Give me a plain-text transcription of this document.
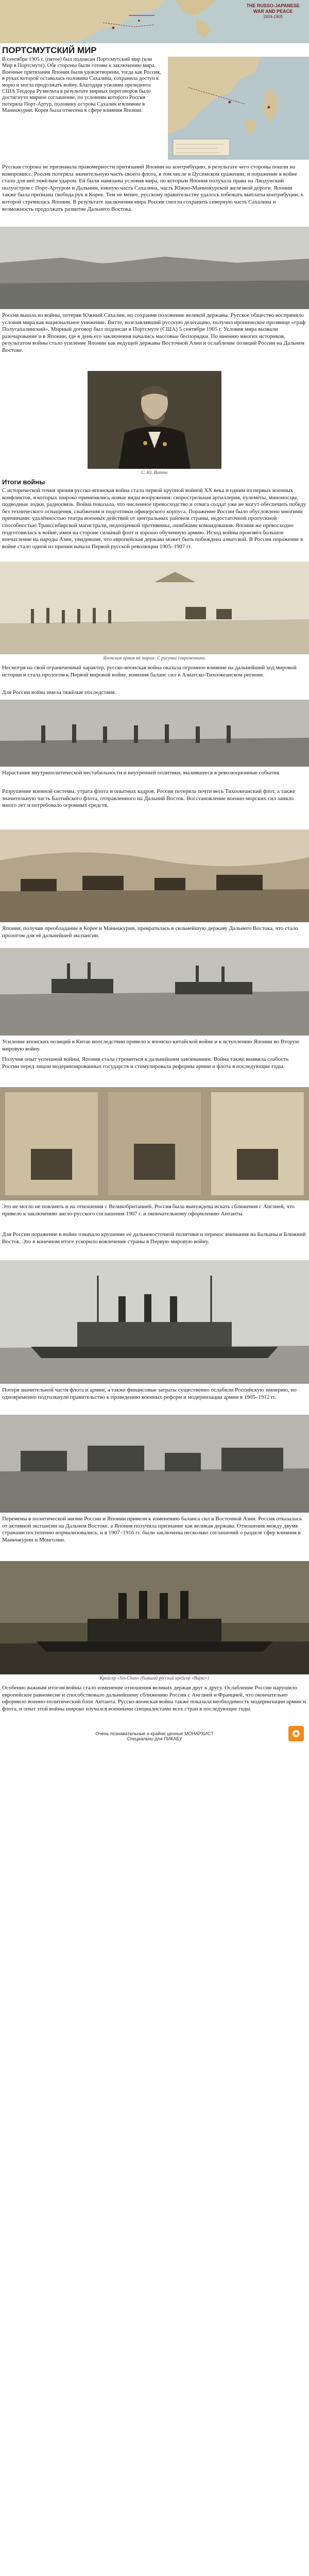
THE RUSSO-JAPANESE WAR AND PEACE
1904-1905
ПОРТСМУТСКИЙ МИР

В сентябре 1905 г. (пятое) был подписан Портсмутский мир (или Мир в Портсмуте). Обе стороны были готовы к заключению мира. Военные притязания Японии были удовлетворены, тогда как Россия, в руках которой оставалась половина Сахалина, сохранила доступ к морю и могла продолжать войну. Благодаря усилиям президента США Теодора Рузвельта в результате мирных переговоров было достигнуто мирное соглашение, по условиям которого Россия потеряла Порт-Артур, половину острова Сахалин и влияние в Маньчжурии. Корея была отнесена к сфере влияния Японии.

Русская сторона не признавала правомерности притязаний Японии на контрибуцию, в результате чего стороны пошли на компромисс. Россия потеряла значительную часть своего флота, в том числе в Цусимском сражении, и поражение в войне стало для неё тяжёлым ударом. Ей были навязаны условия мира, по которым Япония получала права на Ляодунский полуостров с Порт-Артуром и Дальним, южную часть Сахалина, часть Южно-Маньчжурской железной дороги. Японии также была признана свобода рук в Корее. Тем не менее, русскому правительству удалось избежать выплаты контрибуции, к которой стремилась Япония. В результате заключения мира Россия смогла сохранить северную часть Сахалина и возможность продолжать развитие Дальнего Востока.

Россия вышла из войны, потеряв Южный Сахалин, но сохранив положение великой державы. Русское общество восприняло условия мира как национальное унижение. Витте, возглавлявший русскую делегацию, получил ироническое прозвище «граф Полусахалинский». Мирный договор был подписан в Портсмуте (США) 5 сентября 1905 г. Условия мира вызвали разочарование и в Японии, где в день его заключения начались массовые беспорядки. По мнению многих историков, результатом войны стало усиление Японии как ведущей державы Восточной Азии и ослабление позиций России на Дальнем Востоке.

С. Ю. Витте
Итоги войны

С исторической точки зрения русско-японская война стала первой крупной войной XX века и одним из первых военных конфликтов, в которых широко применялись новые виды вооружения: скорострельная артиллерия, пулемёты, миноносцы, подводные лодки, радиосвязь. Война показала, что численное превосходство и отвага солдат уже не могут обеспечить победу без технического оснащения, снабжения и подготовки офицерского корпуса. Поражение России было обусловлено многими причинами: удалённостью театра военных действий от центральных районов страны, недостаточной пропускной способностью Транссибирской магистрали, недооценкой противника, ошибками командования. Япония же превосходно подготовилась к войне, имея на стороне сильный флот и хорошо обученную армию. Исход войны произвёл большое впечатление на народы Азии, увидевшие, что европейская держава может быть побеждена азиатской. В России поражение в войне стало одной из причин начала Первой русской революции 1905–1907 гг.

Японская армия на марше. С рисунка современника.

Несмотря на свой ограниченный характер, русско-японская война оказала огромное влияние на дальнейший ход мировой истории и стала прологом к Первой мировой войне, изменив баланс сил в Азиатско-Тихоокеанском регионе.

Для России война имела тяжёлые последствия.

Нарастание внутриполитической нестабильности и внутренней политики, вылившееся в революционные события.

Разрушение военной системы, утрата флота и опытных кадров. Россия потеряла почти весь Тихоокеанский флот, а также значительную часть Балтийского флота, отправленного на Дальний Восток. Восстановление военно-морских сил заняло много лет и потребовало огромных средств.

Япония, получив преобладание в Корее и Маньчжурии, превратилась в сильнейшую державу Дальнего Востока, что стало прологом для её дальнейшей экспансии.

Усиление японских позиций в Китае впоследствии привело к японско-китайской войне и к вступлению Японии во Вторую мировую войну.

Получив опыт успешной войны, Япония стала стремиться к дальнейшим завоеваниям. Война также выявила слабость России перед лицом модернизированных государств и стимулировала реформы армии и флота в последующие годы.

Это не могло не повлиять и на отношения с Великобританией. Россия была вынуждена искать сближения с Англией, что привело к заключению англо-русского соглашения 1907 г. и окончательному оформлению Антанты.

Для России поражение в войне означало крушение её дальневосточной политики и перенос внимания на Балканы и Ближний Восток. Это в конечном итоге ускорило вовлечение страны в Первую мировую войну.

Потеря значительной части флота и армии, а также финансовые затраты существенно ослабили Российскую империю, но одновременно подтолкнули правительство к проведению военных реформ и модернизации армии в 1905–1912 гг.

Перемены в политической жизни России и Японии привели к изменению баланса сил в Восточной Азии. Россия отказалась от активной экспансии на Дальнем Востоке, а Япония получила признание как великая держава. Отношения между двумя странами постепенно нормализовались, и в 1907–1916 гг. были заключены несколько соглашений о разделе сфер влияния в Маньчжурии и Монголии.

Крейсер «Sin-Chun» (бывший русский крейсер «Варяг»)

Особенно важным итогом войны стало изменение отношения великих держав друг к другу. Ослабление России нарушило европейское равновесие и способствовало дальнейшему сближению России с Англией и Францией, что окончательно оформило военно-политический блок Антанта. Русско-японская война также показала необходимость модернизации армии и флота, и опыт этой войны широко изучался военными специалистами всех стран в последующие годы.

Очень познавательные и крайне ценные МОНАРХИСТ
Специально для ПИКАБУ
